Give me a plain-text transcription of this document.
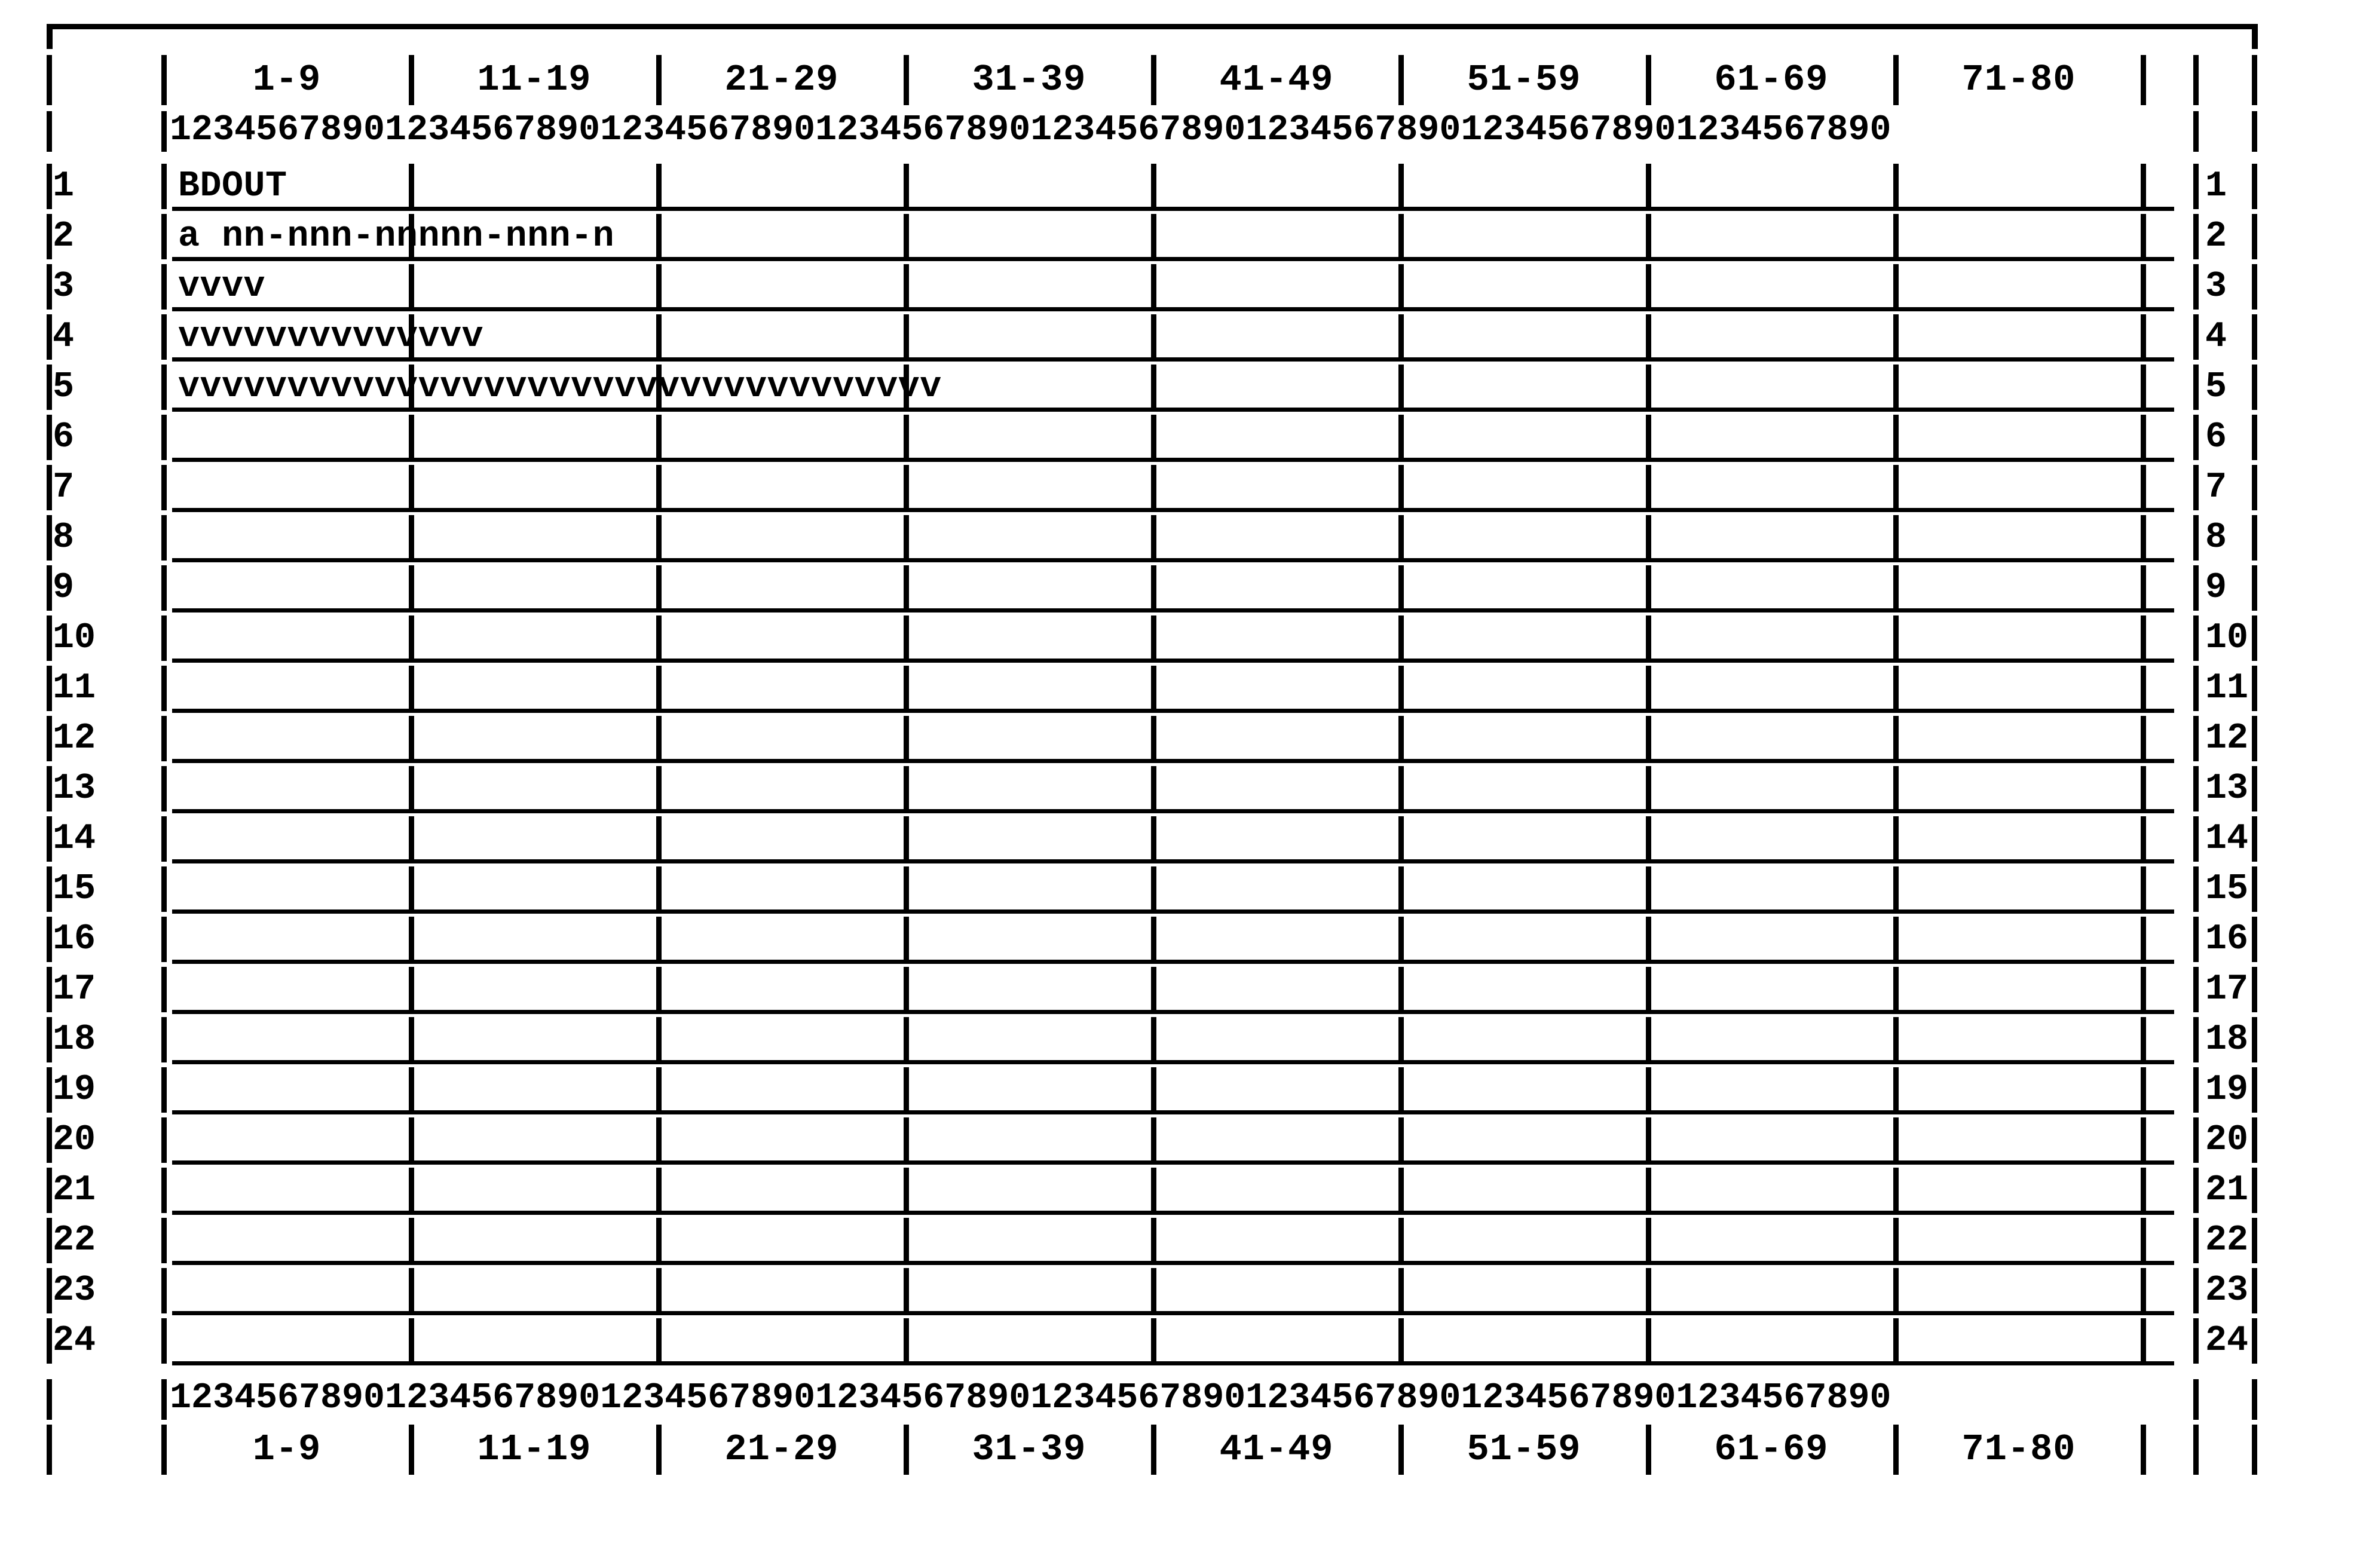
1-9	11-19	21-29	31-39	41-49	51-59	61-69	71-80
12345678901234567890123456789012345678901234567890123456789012345678901234567890
1	BDOUT	1
2	a nn-nnn-nnnnn-nnn-n	2
3	vvvv	3
4	vvvvvvvvvvvvvv	4
5	vvvvvvvvvvvvvvvvvvvvvvvvvvvvvvvvvvv	5
6	6
7	7
8	8
9	9
10	10
11	11
12	12
13	13
14	14
15	15
16	16
17	17
18	18
19	19
20	20
21	21
22	22
23	23
24	24
12345678901234567890123456789012345678901234567890123456789012345678901234567890
1-9	11-19	21-29	31-39	41-49	51-59	61-69	71-80
